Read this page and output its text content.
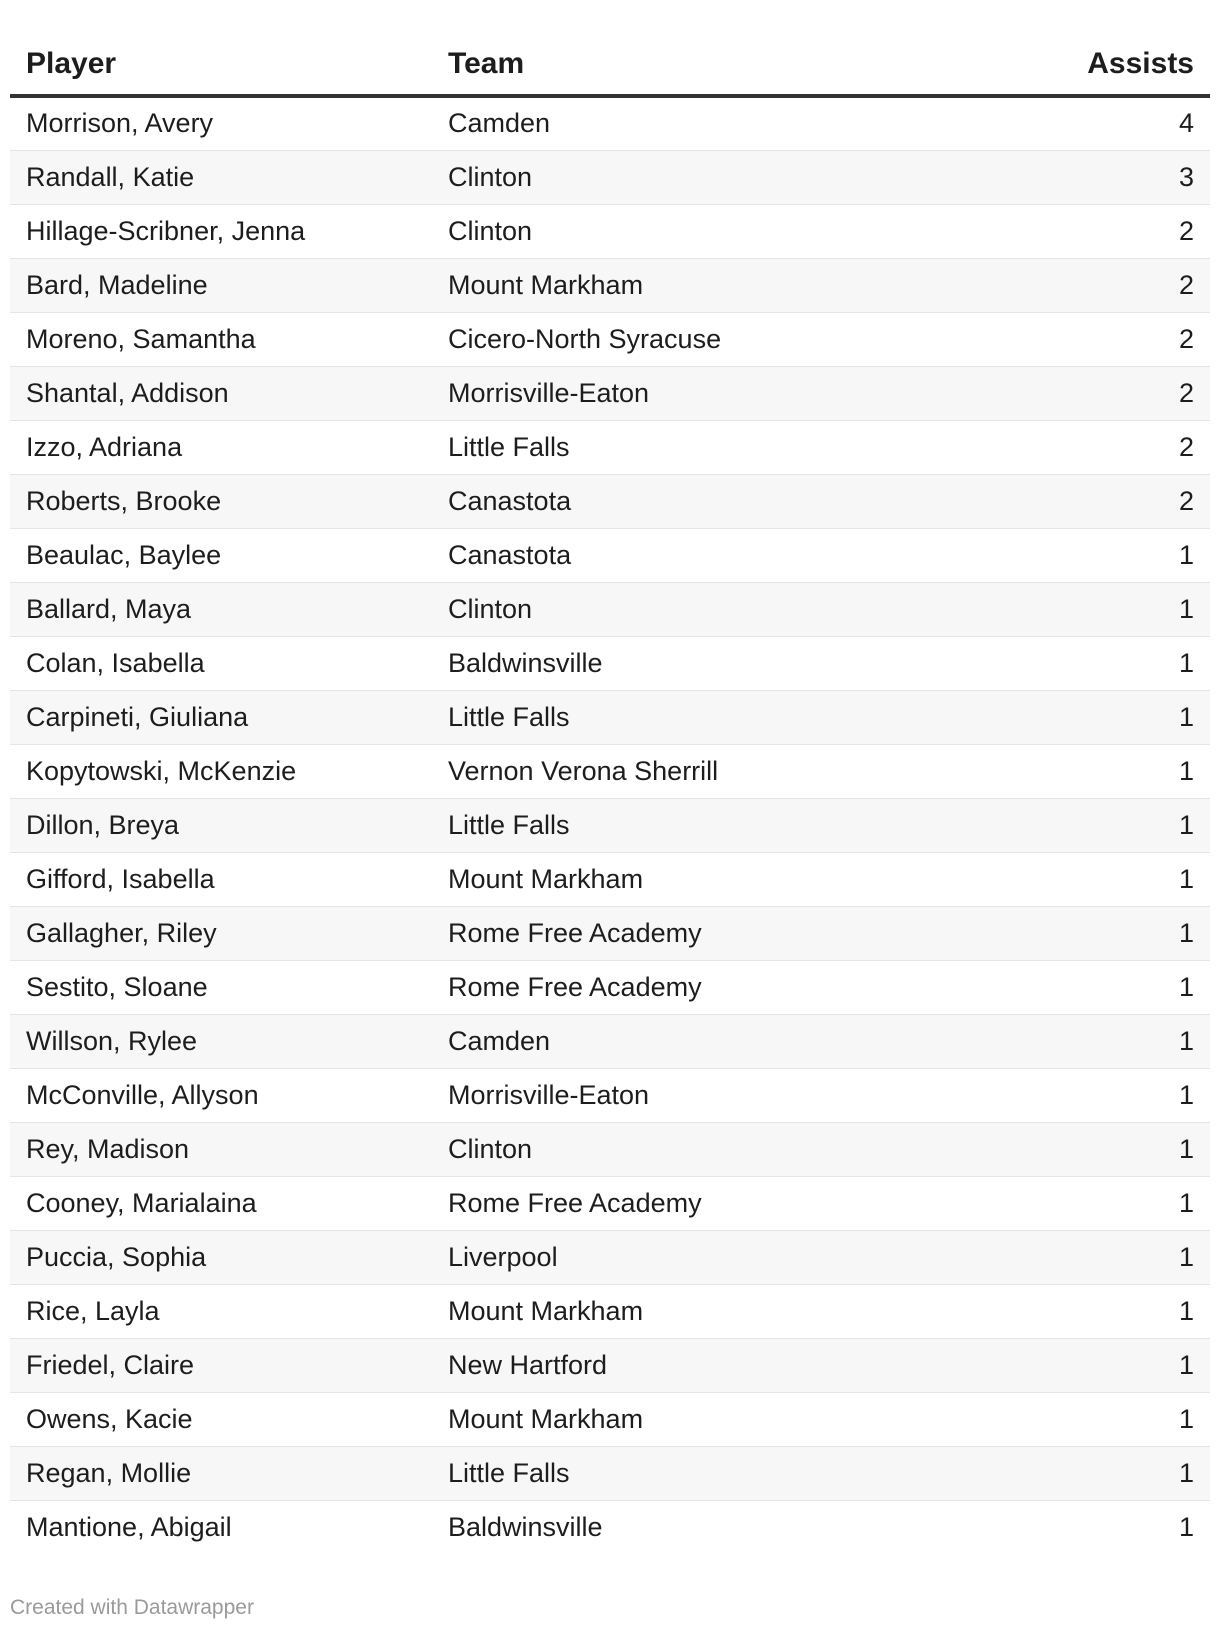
Player	Team	Assists
Morrison, Avery	Camden	4
Randall, Katie	Clinton	3
Hillage-Scribner, Jenna	Clinton	2
Bard, Madeline	Mount Markham	2
Moreno, Samantha	Cicero-North Syracuse	2
Shantal, Addison	Morrisville-Eaton	2
Izzo, Adriana	Little Falls	2
Roberts, Brooke	Canastota	2
Beaulac, Baylee	Canastota	1
Ballard, Maya	Clinton	1
Colan, Isabella	Baldwinsville	1
Carpineti, Giuliana	Little Falls	1
Kopytowski, McKenzie	Vernon Verona Sherrill	1
Dillon, Breya	Little Falls	1
Gifford, Isabella	Mount Markham	1
Gallagher, Riley	Rome Free Academy	1
Sestito, Sloane	Rome Free Academy	1
Willson, Rylee	Camden	1
McConville, Allyson	Morrisville-Eaton	1
Rey, Madison	Clinton	1
Cooney, Marialaina	Rome Free Academy	1
Puccia, Sophia	Liverpool	1
Rice, Layla	Mount Markham	1
Friedel, Claire	New Hartford	1
Owens, Kacie	Mount Markham	1
Regan, Mollie	Little Falls	1
Mantione, Abigail	Baldwinsville	1
Created with Datawrapper
